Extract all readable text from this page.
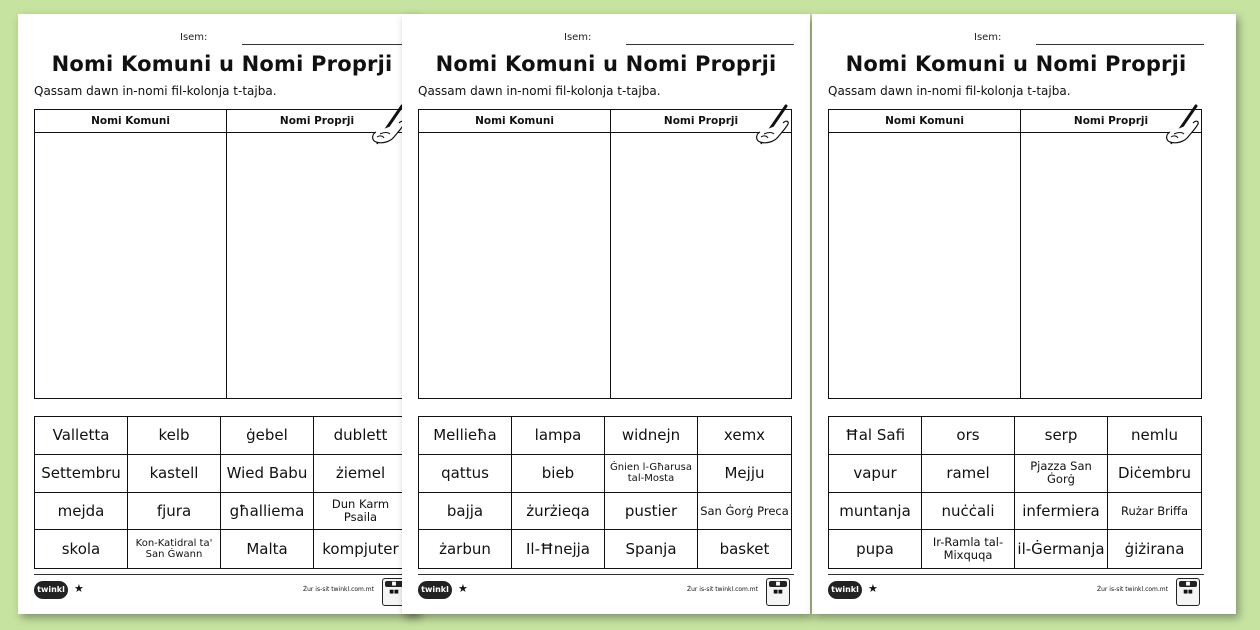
Isem:
Nomi Komuni u Nomi Proprji
Qassam dawn in-nomi fil-kolonja t-tajba.
Nomi Komuni	Nomi Proprji
Valletta	kelb	ġebel	dublett
Settembru	kastell	Wied Babu	żiemel
mejda	fjura	għalliema	Dun Karm Psaila
skola	Kon-Katidral ta' San Ġwann	Malta	kompjuter
twinkl ★	Żur is-sit twinkl.com.mt
■
■■
Isem:
Nomi Komuni u Nomi Proprji
Qassam dawn in-nomi fil-kolonja t-tajba.
Nomi Komuni	Nomi Proprji
Mellieħa	lampa	widnejn	xemx
qattus	bieb	Ġnien l-Għarusa tal-Mosta	Mejju
bajja	żurżieqa	pustier	San Ġorġ Preca
żarbun	Il-Ħnejja	Spanja	basket
twinkl ★	Żur is-sit twinkl.com.mt
■
■■
Isem:
Nomi Komuni u Nomi Proprji
Qassam dawn in-nomi fil-kolonja t-tajba.
Nomi Komuni	Nomi Proprji
Ħal Safi	ors	serp	nemlu
vapur	ramel	Pjazza San Ġorġ	Diċembru
muntanja	nuċċali	infermiera	Rużar Briffa
pupa	Ir-Ramla tal-Mixquqa	il-Ġermanja	ġiżirana
twinkl ★	Żur is-sit twinkl.com.mt
■
■■
